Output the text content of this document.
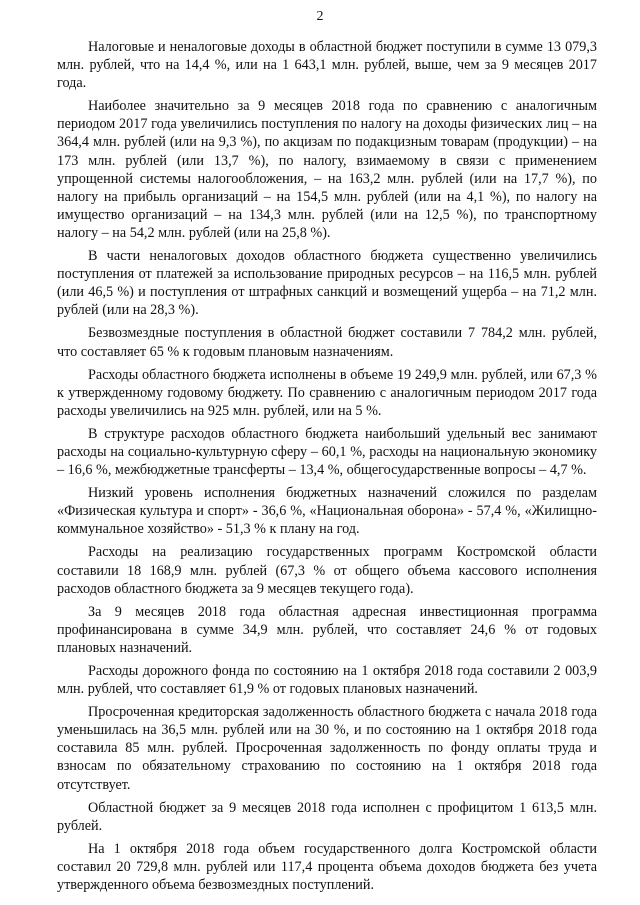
2

Налоговые и неналоговые доходы в областной бюджет поступили в сумме 13 079,3 млн. рублей, что на 14,4 %, или на 1 643,1 млн. рублей, выше, чем за 9 месяцев 2017 года.

Наиболее значительно за 9 месяцев 2018 года по сравнению с аналогичным периодом 2017 года увеличились поступления по налогу на доходы физических лиц – на 364,4 млн. рублей (или на 9,3 %), по акцизам по подакцизным товарам (продукции) – на 173 млн. рублей (или 13,7 %), по налогу, взимаемому в связи с применением упрощенной системы налогообложения, – на 163,2 млн. рублей (или на 17,7 %), по налогу на прибыль организаций – на 154,5 млн. рублей (или на 4,1 %), по налогу на имущество организаций – на 134,3 млн. рублей (или на 12,5 %), по транспортному налогу – на 54,2 млн. рублей (или на 25,8 %).

В части неналоговых доходов областного бюджета существенно увеличились поступления от платежей за использование природных ресурсов – на 116,5 млн. рублей (или 46,5 %) и поступления от штрафных санкций и возмещений ущерба – на 71,2 млн. рублей (или на 28,3 %).

Безвозмездные поступления в областной бюджет составили 7 784,2 млн. рублей, что составляет 65 % к годовым плановым назначениям.

Расходы областного бюджета исполнены в объеме 19 249,9 млн. рублей, или 67,3 % к утвержденному годовому бюджету. По сравнению с аналогичным периодом 2017 года расходы увеличились на 925 млн. рублей, или на 5 %.

В структуре расходов областного бюджета наибольший удельный вес занимают расходы на социально-культурную сферу – 60,1 %, расходы на национальную экономику – 16,6 %, межбюджетные трансферты – 13,4 %, общегосударственные вопросы – 4,7 %.

Низкий уровень исполнения бюджетных назначений сложился по разделам «Физическая культура и спорт» - 36,6 %, «Национальная оборона» - 57,4 %, «Жилищно-коммунальное хозяйство» - 51,3 % к плану на год.

Расходы на реализацию государственных программ Костромской области составили 18 168,9 млн. рублей (67,3 % от общего объема кассового исполнения расходов областного бюджета за 9 месяцев текущего года).

За 9 месяцев 2018 года областная адресная инвестиционная программа профинансирована в сумме 34,9 млн. рублей, что составляет 24,6 % от годовых плановых назначений.

Расходы дорожного фонда по состоянию на 1 октября 2018 года составили 2 003,9 млн. рублей, что составляет 61,9 % от годовых плановых назначений.

Просроченная кредиторская задолженность областного бюджета с начала 2018 года уменьшилась на 36,5 млн. рублей или на 30 %, и по состоянию на 1 октября 2018 года составила 85 млн. рублей. Просроченная задолженность по фонду оплаты труда и взносам по обязательному страхованию по состоянию на 1 октября 2018 года отсутствует.

Областной бюджет за 9 месяцев 2018 года исполнен с профицитом 1 613,5 млн. рублей.

На 1 октября 2018 года объем государственного долга Костромской области составил 20 729,8 млн. рублей или 117,4 процента объема доходов бюджета без учета утвержденного объема безвозмездных поступлений.
